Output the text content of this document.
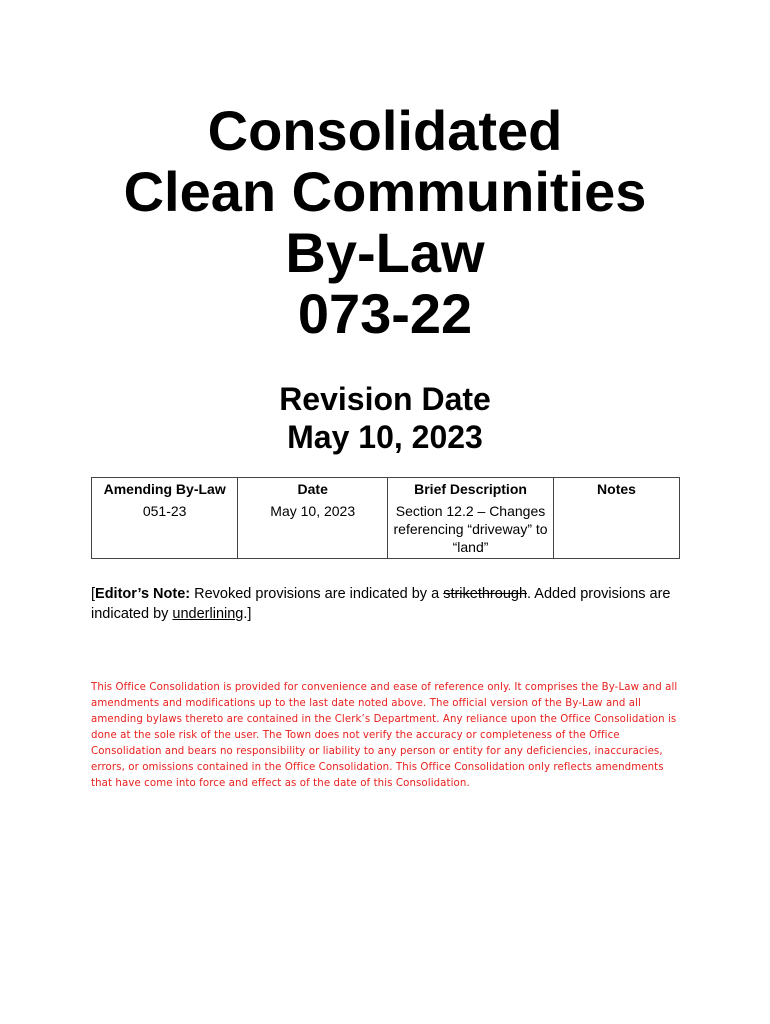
Consolidated
Clean Communities
By-Law
073-22
Revision Date
May 10, 2023
Amending By-Law	Date	Brief Description	Notes
051-23	May 10, 2023	Section 12.2 – Changes referencing “driveway” to “land”	
[Editor’s Note: Revoked provisions are indicated by a strikethrough. Added provisions are indicated by underlining.]
This Office Consolidation is provided for convenience and ease of reference only. It comprises the By-Law and all amendments and modifications up to the last date noted above. The official version of the By-Law and all amending bylaws thereto are contained in the Clerk’s Department. Any reliance upon the Office Consolidation is done at the sole risk of the user. The Town does not verify the accuracy or completeness of the Office Consolidation and bears no responsibility or liability to any person or entity for any deficiencies, inaccuracies, errors, or omissions contained in the Office Consolidation. This Office Consolidation only reflects amendments that have come into force and effect as of the date of this Consolidation.
